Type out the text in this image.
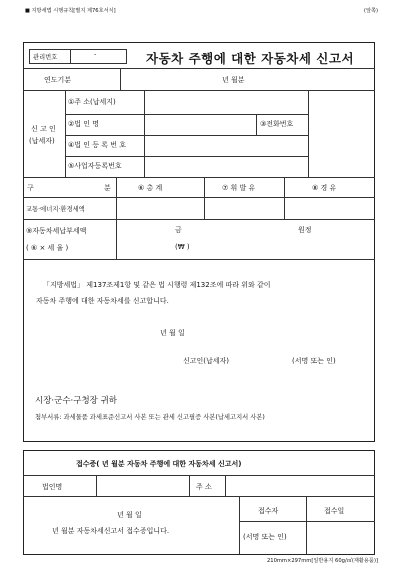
■ 지방세법 시행규칙[별지 제76호서식]	(앞쪽)
관리번호	-	자동차 주행에 대한 자동차세 신고서
연도기분	년 월분
신 고 인
(납세자)
①주 소(납세지)
②법 인 명	③전화번호
④법 인 등 록 번 호
⑤사업자등록번호
구	분	⑥ 총 계	⑦ 휘 발 유	⑧ 경 유
교통·에너지·환경세액
⑨자동차세납부세액
( ⑥ × 세 율 )
금	원정
(₩ )
「지방세법」 제137조제1항 및 같은 법 시행령 제132조에 따라 위와 같이
자동차 주행에 대한 자동차세를 신고합니다.
년 월 일
신고인(납세자)	(서명 또는 인)
시장·군수·구청장 귀하
첨부서류: 과세물품 과세표준신고서 사본 또는 관세 신고필증 사본(납세고지서 사본)
접수증( 년 월분 자동차 주행에 대한 자동차세 신고서)
법인명	주 소
년 월 일
년 월분 자동차세신고서 접수증입니다.
접수자	접수일
(서명 또는 인)
210mm×297mm[일반용지 60g/㎡(재활용품)]
